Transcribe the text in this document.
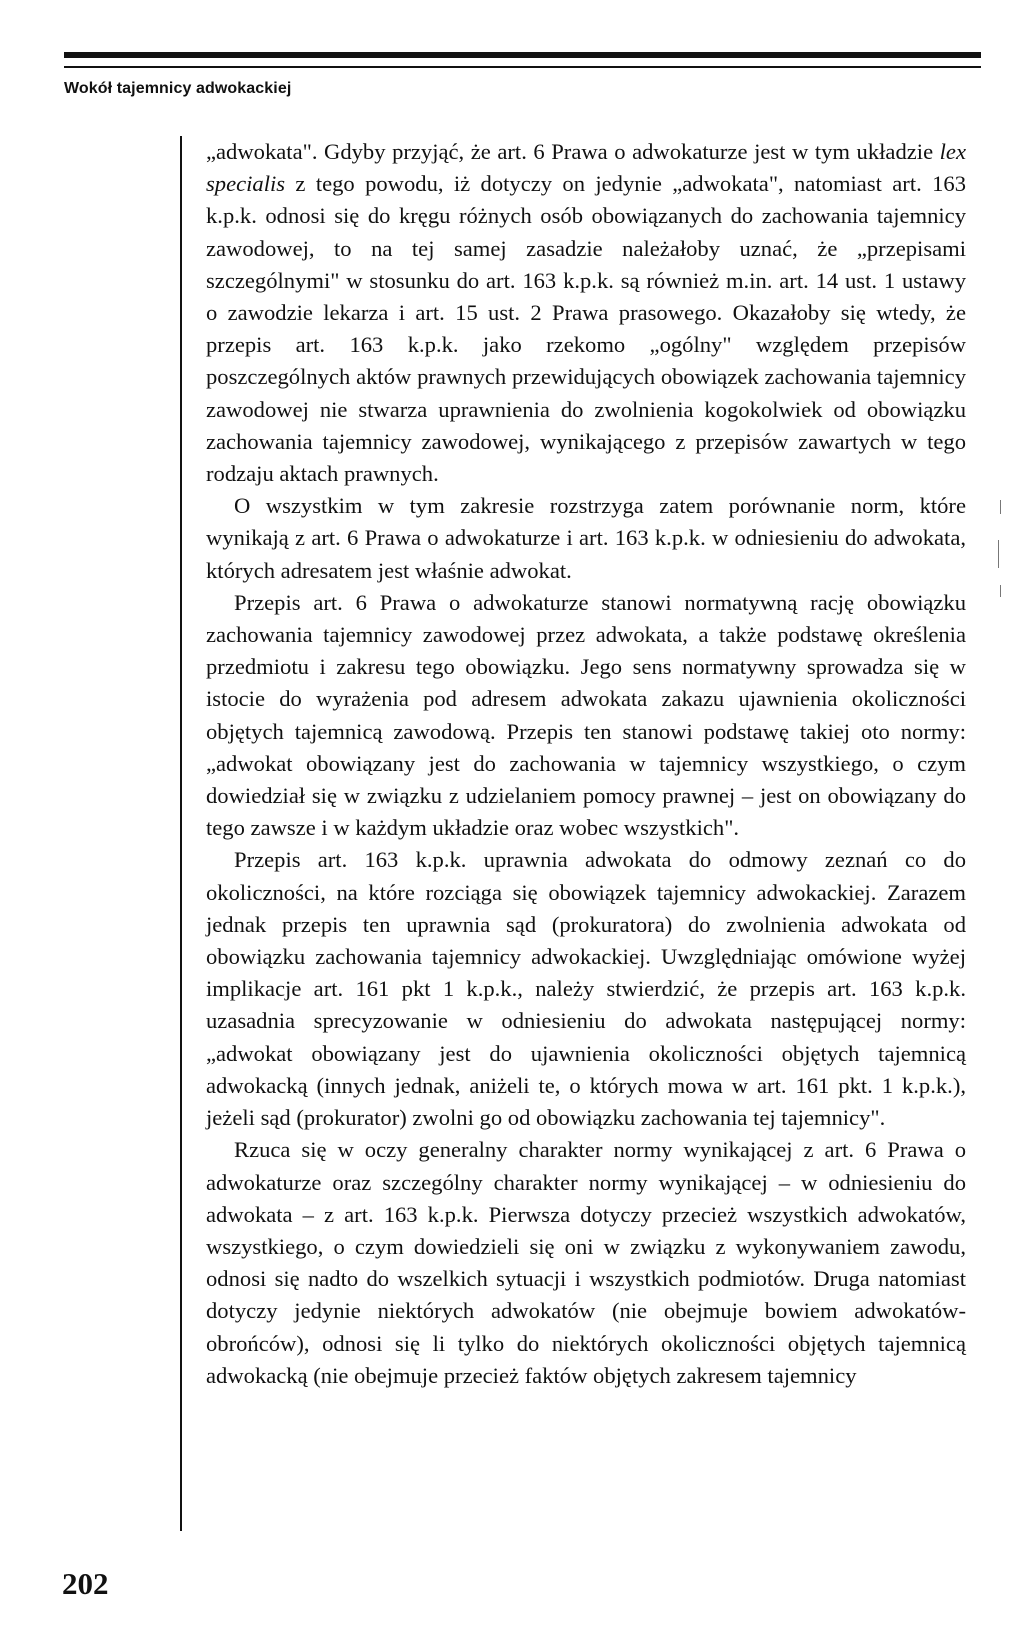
Wokół tajemnicy adwokackiej

„adwokata". Gdyby przyjąć, że art. 6 Prawa o adwokaturze jest w tym układzie lex specialis z tego powodu, iż dotyczy on jedynie „adwokata", natomiast art. 163 k.p.k. odnosi się do kręgu różnych osób obowiązanych do zachowania tajemnicy zawodowej, to na tej samej zasadzie należałoby uznać, że „przepisami szczególnymi" w stosunku do art. 163 k.p.k. są również m.in. art. 14 ust. 1 ustawy o zawodzie lekarza i art. 15 ust. 2 Prawa prasowego. Okazałoby się wtedy, że przepis art. 163 k.p.k. jako rzekomo „ogólny" względem przepisów poszczególnych aktów prawnych przewidujących obowiązek zachowania tajemnicy zawodowej nie stwarza uprawnienia do zwolnienia kogokolwiek od obowiązku zachowania tajemnicy zawodowej, wynikającego z przepisów zawartych w tego rodzaju aktach prawnych.

O wszystkim w tym zakresie rozstrzyga zatem porównanie norm, które wynikają z art. 6 Prawa o adwokaturze i art. 163 k.p.k. w odniesieniu do adwokata, których adresatem jest właśnie adwokat.

Przepis art. 6 Prawa o adwokaturze stanowi normatywną rację obowiązku zachowania tajemnicy zawodowej przez adwokata, a także podstawę określenia przedmiotu i zakresu tego obowiązku. Jego sens normatywny sprowadza się w istocie do wyrażenia pod adresem adwokata zakazu ujawnienia okoliczności objętych tajemnicą zawodową. Przepis ten stanowi podstawę takiej oto normy: „adwokat obowiązany jest do zachowania w tajemnicy wszystkiego, o czym dowiedział się w związku z udzielaniem pomocy prawnej – jest on obowiązany do tego zawsze i w każdym układzie oraz wobec wszystkich".

Przepis art. 163 k.p.k. uprawnia adwokata do odmowy zeznań co do okoliczności, na które rozciąga się obowiązek tajemnicy adwokackiej. Zarazem jednak przepis ten uprawnia sąd (prokuratora) do zwolnienia adwokata od obowiązku zachowania tajemnicy adwokackiej. Uwzględniając omówione wyżej implikacje art. 161 pkt 1 k.p.k., należy stwierdzić, że przepis art. 163 k.p.k. uzasadnia sprecyzowanie w odniesieniu do adwokata następującej normy: „adwokat obowiązany jest do ujawnienia okoliczności objętych tajemnicą adwokacką (innych jednak, aniżeli te, o których mowa w art. 161 pkt. 1 k.p.k.), jeżeli sąd (prokurator) zwolni go od obowiązku zachowania tej tajemnicy".

Rzuca się w oczy generalny charakter normy wynikającej z art. 6 Prawa o adwokaturze oraz szczególny charakter normy wynikającej – w odniesieniu do adwokata – z art. 163 k.p.k. Pierwsza dotyczy przecież wszystkich adwokatów, wszystkiego, o czym dowiedzieli się oni w związku z wykonywaniem zawodu, odnosi się nadto do wszelkich sytuacji i wszystkich podmiotów. Druga natomiast dotyczy jedynie niektórych adwokatów (nie obejmuje bowiem adwokatów-obrońców), odnosi się li tylko do niektórych okoliczności objętych tajemnicą adwokacką (nie obejmuje przecież faktów objętych zakresem tajemnicy

202
